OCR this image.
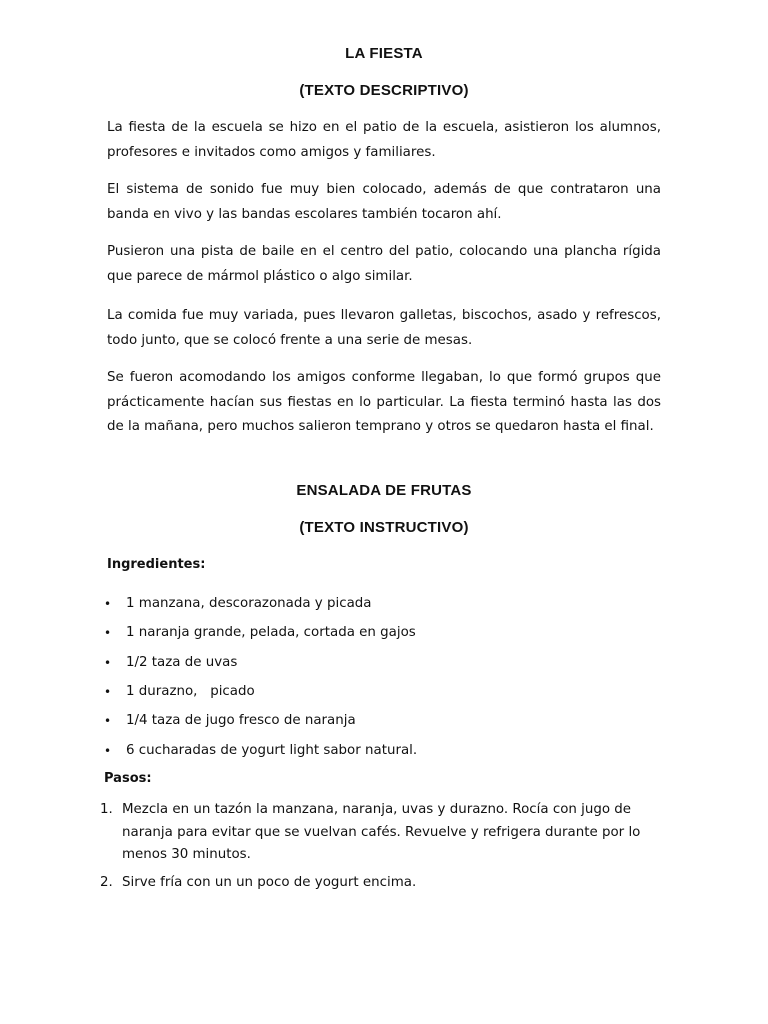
LA FIESTA
(TEXTO DESCRIPTIVO)

La fiesta de la escuela se hizo en el patio de la escuela, asistieron los alumnos, profesores e invitados como amigos y familiares.

El sistema de sonido fue muy bien colocado, además de que contrataron una banda en vivo y las bandas escolares también tocaron ahí.

Pusieron una pista de baile en el centro del patio, colocando una plancha rígida que parece de mármol plástico o algo similar.

La comida fue muy variada, pues llevaron galletas, biscochos, asado y refrescos, todo junto, que se colocó frente a una serie de mesas.

Se fueron acomodando los amigos conforme llegaban, lo que formó grupos que prácticamente hacían sus fiestas en lo particular. La fiesta terminó hasta las dos de la mañana, pero muchos salieron temprano y otros se quedaron hasta el final.

ENSALADA DE FRUTAS
(TEXTO INSTRUCTIVO)
Ingredientes:
• 1 manzana, descorazonada y picada
• 1 naranja grande, pelada, cortada en gajos
• 1/2 taza de uvas
• 1 durazno,   picado
• 1/4 taza de jugo fresco de naranja
• 6 cucharadas de yogurt light sabor natural.
Pasos:
1. Mezcla en un tazón la manzana, naranja, uvas y durazno. Rocía con jugo de naranja para evitar que se vuelvan cafés. Revuelve y refrigera durante por lo menos 30 minutos.
2. Sirve fría con un un poco de yogurt encima.
